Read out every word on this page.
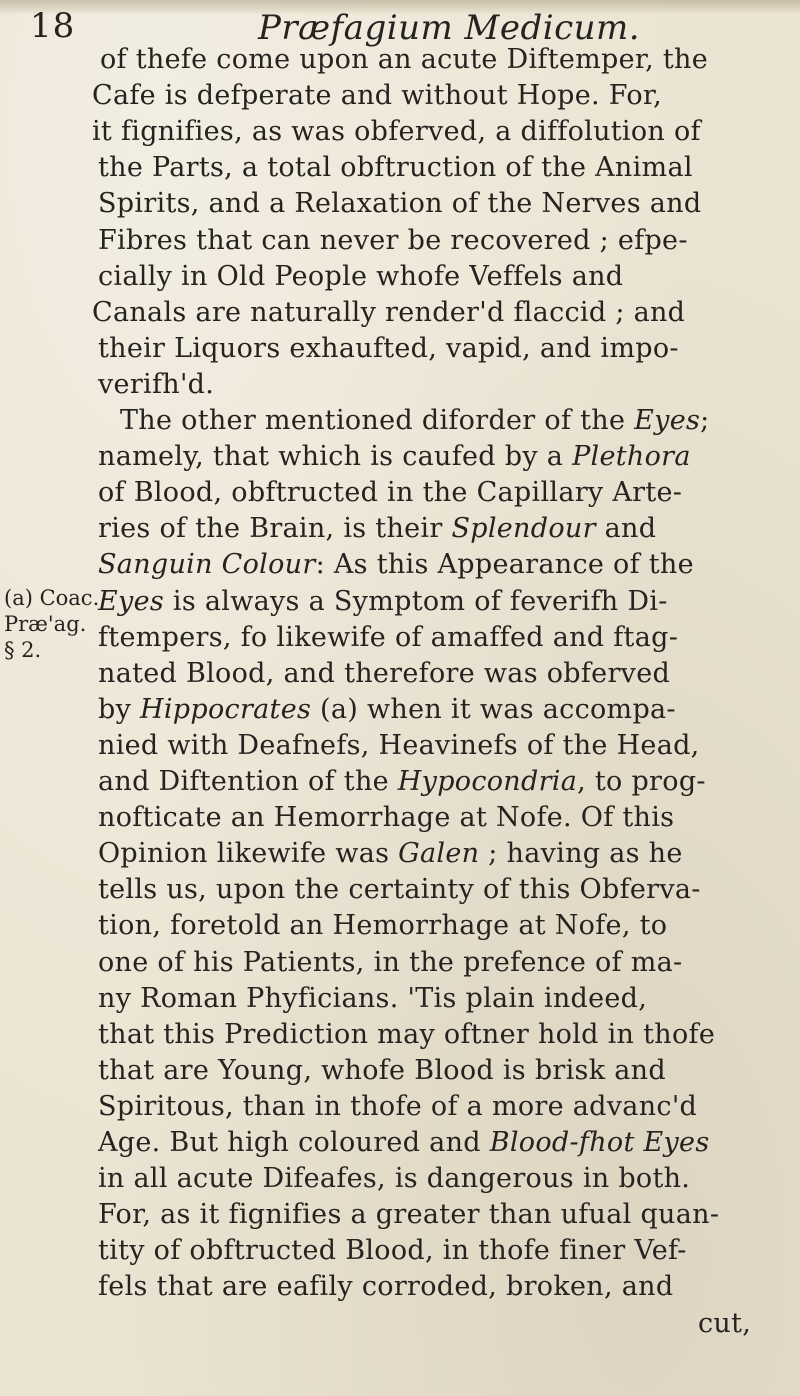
18	Præfagium Medicum.
(a) Coac.
Præ'ag.
§ 2.
of thefe come upon an acute Diftemper, the
Cafe is defperate and without Hope. For,
it fignifies, as was obferved, a diffolution of
the Parts, a total obftruction of the Animal
Spirits, and a Relaxation of the Nerves and
Fibres that can never be recovered ; efpe-
cially in Old People whofe Veffels and
Canals are naturally render'd flaccid ; and
their Liquors exhaufted, vapid, and impo-
verifh'd.
The other mentioned diforder of the Eyes;
namely, that which is caufed by a Plethora
of Blood, obftructed in the Capillary Arte-
ries of the Brain, is their Splendour and
Sanguin Colour: As this Appearance of the
Eyes is always a Symptom of feverifh Di-
ftempers, fo likewife of amaffed and ftag-
nated Blood, and therefore was obferved
by Hippocrates (a) when it was accompa-
nied with Deafnefs, Heavinefs of the Head,
and Diftention of the Hypocondria, to prog-
nofticate an Hemorrhage at Nofe. Of this
Opinion likewife was Galen ; having as he
tells us, upon the certainty of this Obferva-
tion, foretold an Hemorrhage at Nofe, to
one of his Patients, in the prefence of ma-
ny Roman Phyficians. 'Tis plain indeed,
that this Prediction may oftner hold in thofe
that are Young, whofe Blood is brisk and
Spiritous, than in thofe of a more advanc'd
Age. But high coloured and Blood-fhot Eyes
in all acute Difeafes, is dangerous in both.
For, as it fignifies a greater than ufual quan-
tity of obftructed Blood, in thofe finer Vef-
fels that are eafily corroded, broken, and
cut,
